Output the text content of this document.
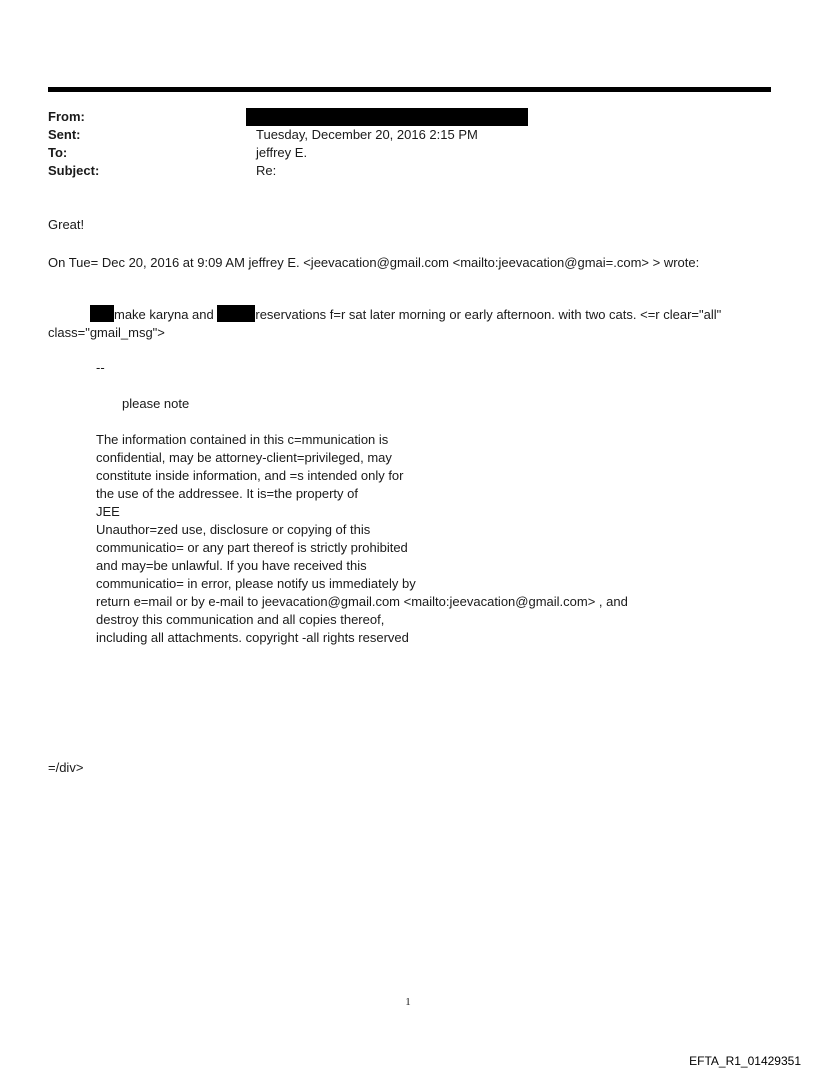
From:
Sent:	Tuesday, December 20, 2016 2:15 PM
To:	jeffrey E.
Subject:	Re:
Great!
On Tue= Dec 20, 2016 at 9:09 AM jeffrey E. <jeevacation@gmail.com <mailto:jeevacation@gmai=.com> > wrote:
make karyna and	reservations f=r sat later morning or early afternoon. with two cats. <=r clear="all"
class="gmail_msg">
--
please note
The information contained in this c=mmunication is
confidential, may be attorney-client=privileged, may
constitute inside information, and =s intended only for
the use of the addressee. It is=the property of
JEE
Unauthor=zed use, disclosure or copying of this
communicatio= or any part thereof is strictly prohibited
and may=be unlawful. If you have received this
communicatio= in error, please notify us immediately by
return e=mail or by e-mail to jeevacation@gmail.com <mailto:jeevacation@gmail.com> , and
destroy this communication and all copies thereof,
including all attachments. copyright -all rights reserved
=/div>
1
EFTA_R1_01429351
